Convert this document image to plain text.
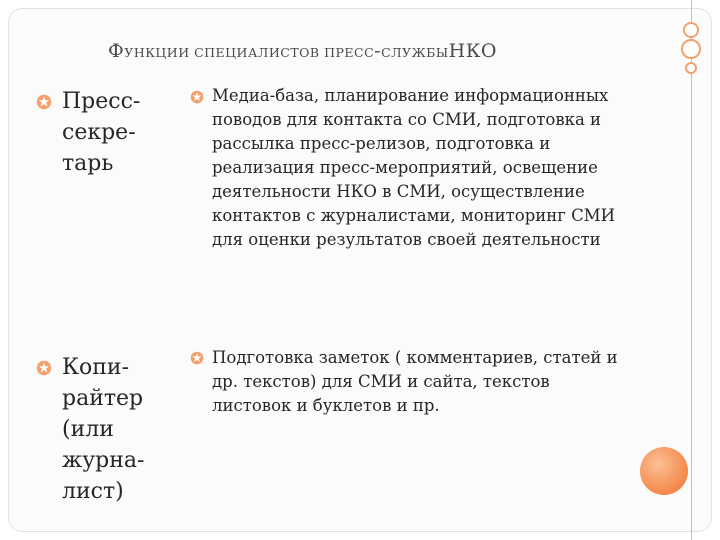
ФУНКЦИИ СПЕЦИАЛИСТОВ ПРЕСС-СЛУЖБЫНКО
Пресс-
секре-
тарь
Медиа-база, планирование информационных
поводов для контакта со СМИ, подготовка и
рассылка пресс-релизов, подготовка и
реализация пресс-мероприятий, освещение
деятельности НКО в СМИ, осуществление
контактов с журналистами, мониторинг СМИ
для оценки результатов своей деятельности
Копи-
райтер
(или
журна-
лист)
Подготовка заметок ( комментариев, статей и
др. текстов) для СМИ и сайта, текстов
листовок и буклетов и пр.
